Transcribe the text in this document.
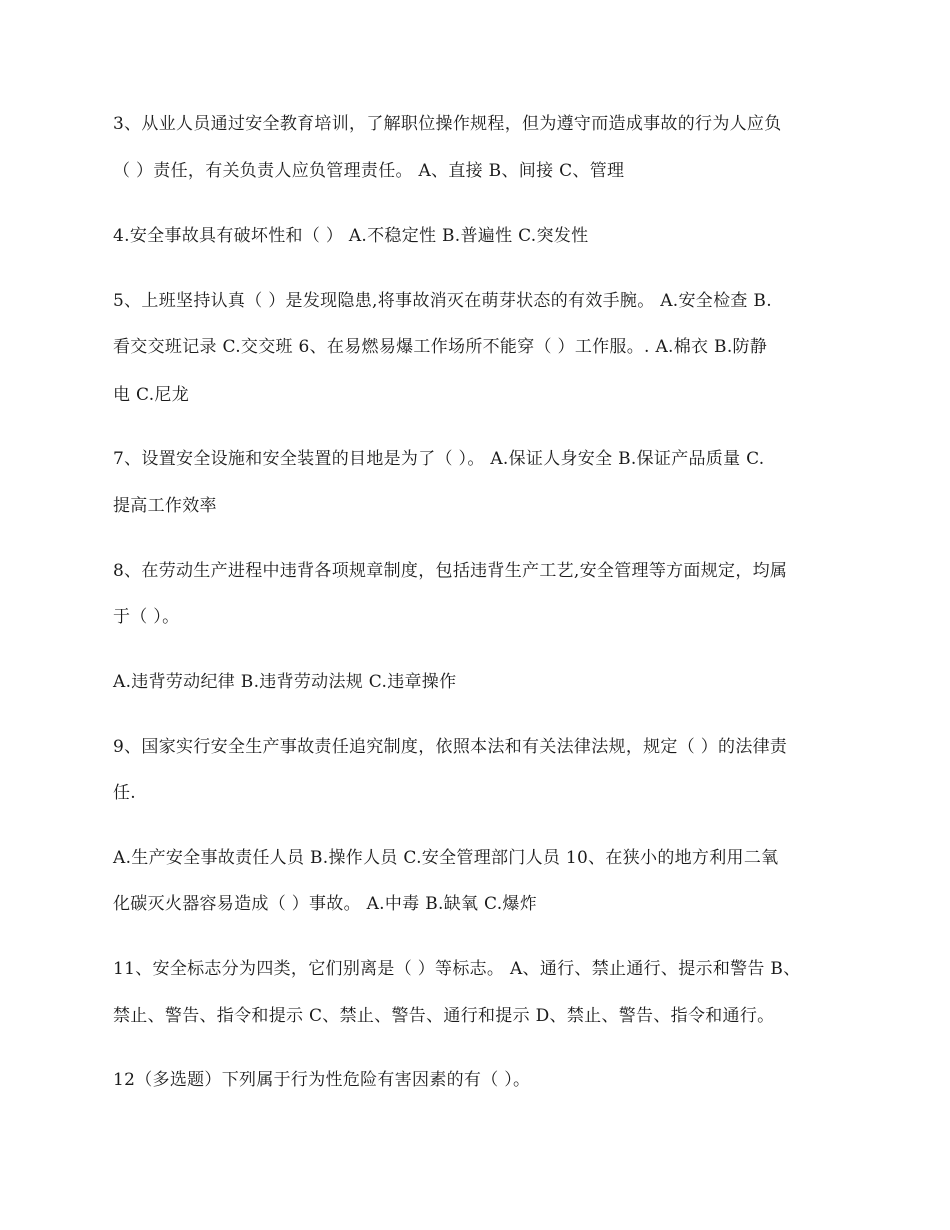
3、从业人员通过安全教育培训，了解职位操作规程，但为遵守而造成事故的行为人应负
（ ）责任，有关负责人应负管理责任。 A、直接 B、间接 C、管理
4.安全事故具有破坏性和（ ） A.不稳定性 B.普遍性 C.突发性
5、上班坚持认真（ ）是发现隐患,将事故消灭在萌芽状态的有效手腕。 A.安全检查 B.
看交交班记录 C.交交班 6、在易燃易爆工作场所不能穿（ ）工作服。. A.棉衣 B.防静
电 C.尼龙
7、设置安全设施和安全装置的目地是为了（ ）。 A.保证人身安全 B.保证产品质量 C.
提高工作效率
8、在劳动生产进程中违背各项规章制度，包括违背生产工艺,安全管理等方面规定，均属
于（ ）。
A.违背劳动纪律 B.违背劳动法规 C.违章操作
9、国家实行安全生产事故责任追究制度，依照本法和有关法律法规，规定（ ）的法律责
任.
A.生产安全事故责任人员 B.操作人员 C.安全管理部门人员 10、在狭小的地方利用二氧
化碳灭火器容易造成（ ）事故。 A.中毒 B.缺氧 C.爆炸
11、安全标志分为四类，它们别离是（ ）等标志。 A、通行、禁止通行、提示和警告 B、
禁止、警告、指令和提示 C、禁止、警告、通行和提示 D、禁止、警告、指令和通行。
12（多选题）下列属于行为性危险有害因素的有（ ）。
